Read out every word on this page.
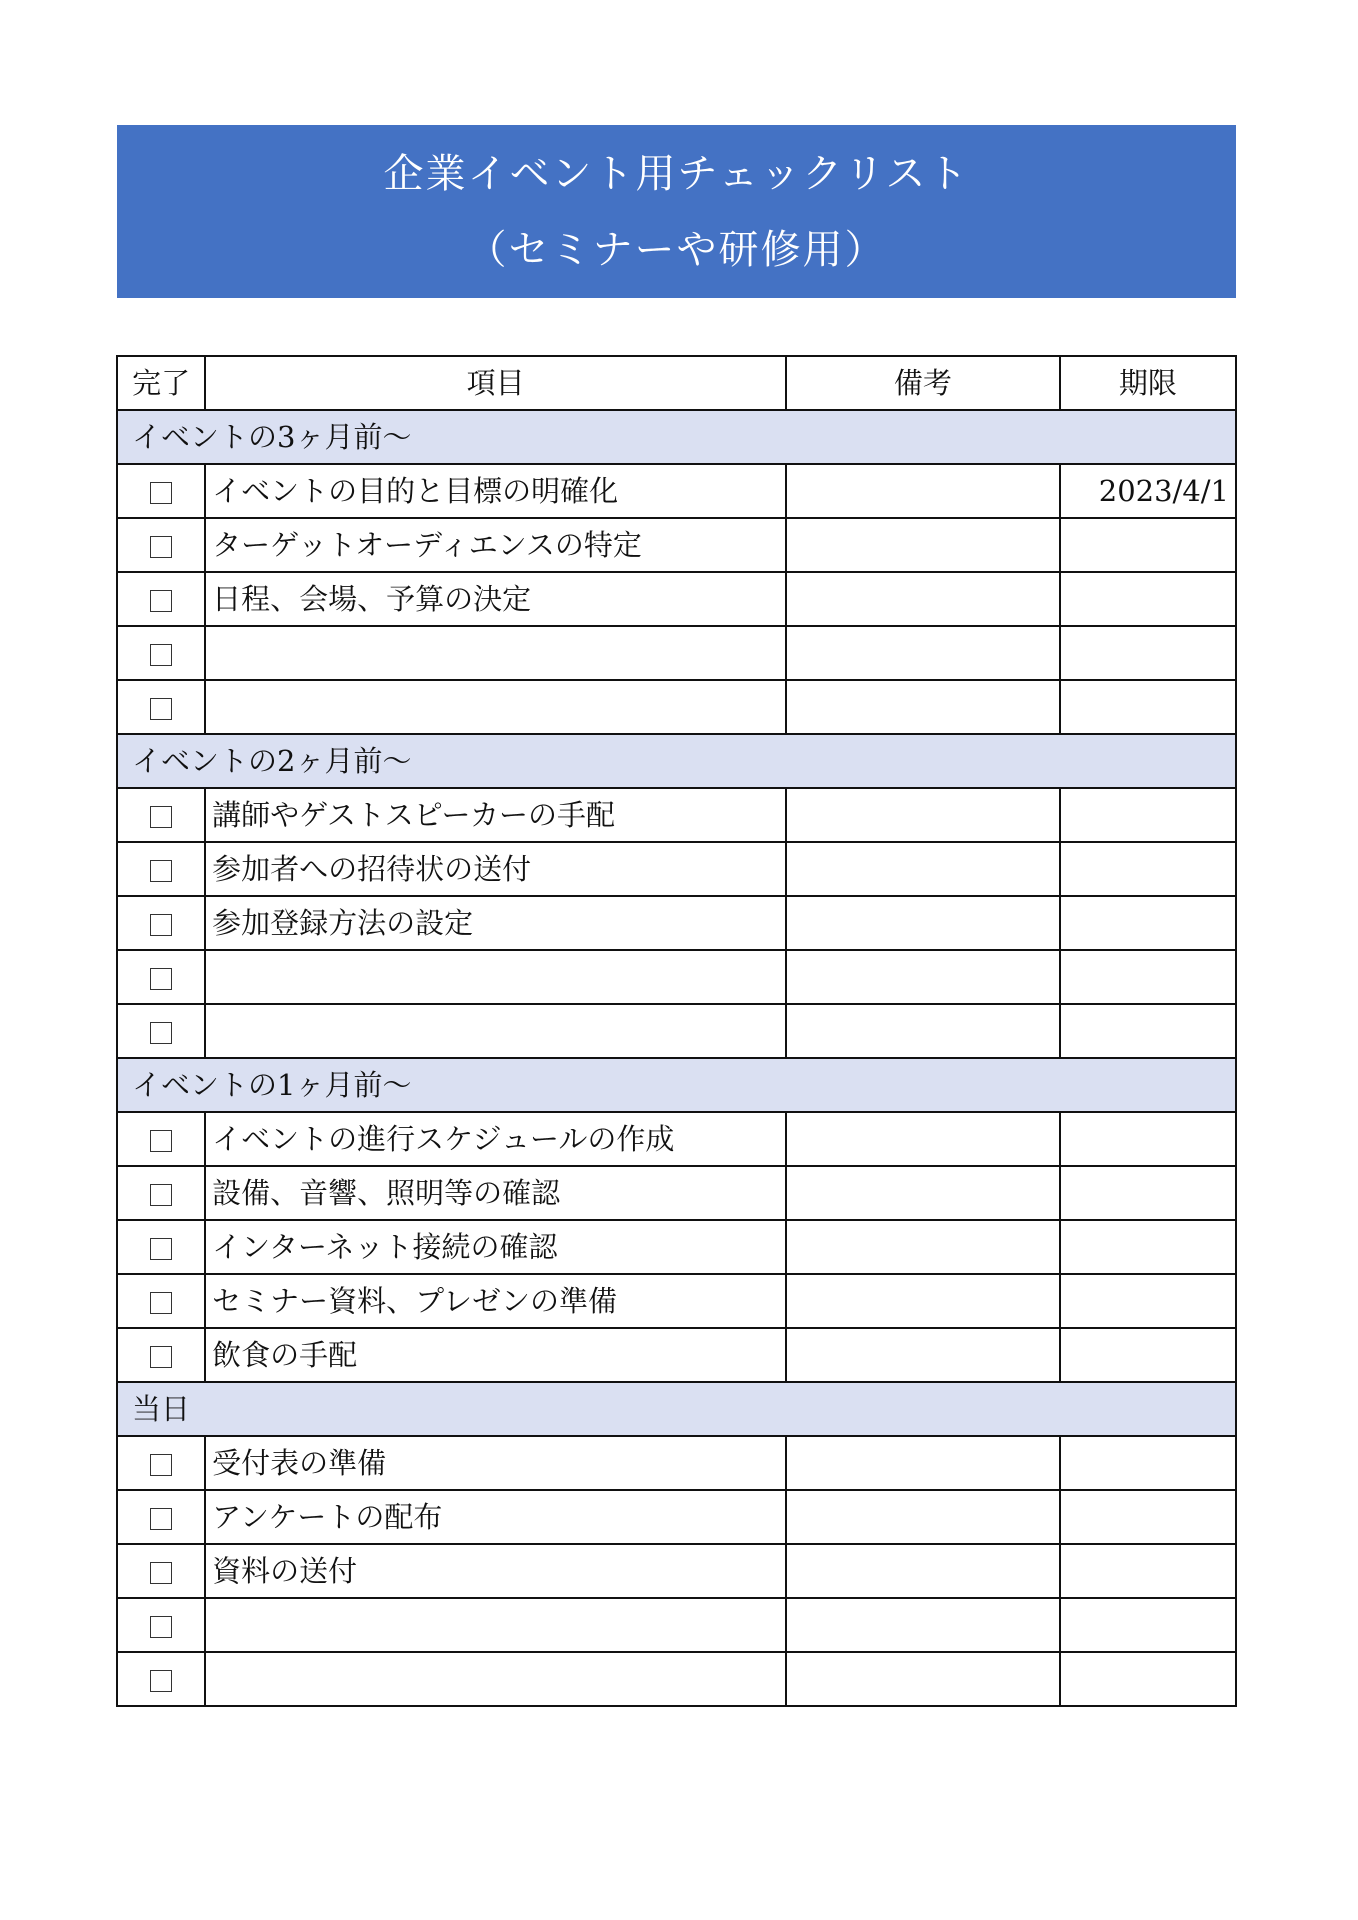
企業イベント用チェックリスト
（セミナーや研修用）
完了	項目	備考	期限
イベントの3ヶ月前〜			
	イベントの目的と目標の明確化		2023/4/1
	ターゲットオーディエンスの特定		
	日程、会場、予算の決定		

イベントの2ヶ月前〜			
	講師やゲストスピーカーの手配		
	参加者への招待状の送付		
	参加登録方法の設定		

イベントの1ヶ月前〜			
	イベントの進行スケジュールの作成		
	設備、音響、照明等の確認		
	インターネット接続の確認		
	セミナー資料、プレゼンの準備		
	飲食の手配		
当日			
	受付表の準備		
	アンケートの配布		
	資料の送付		
